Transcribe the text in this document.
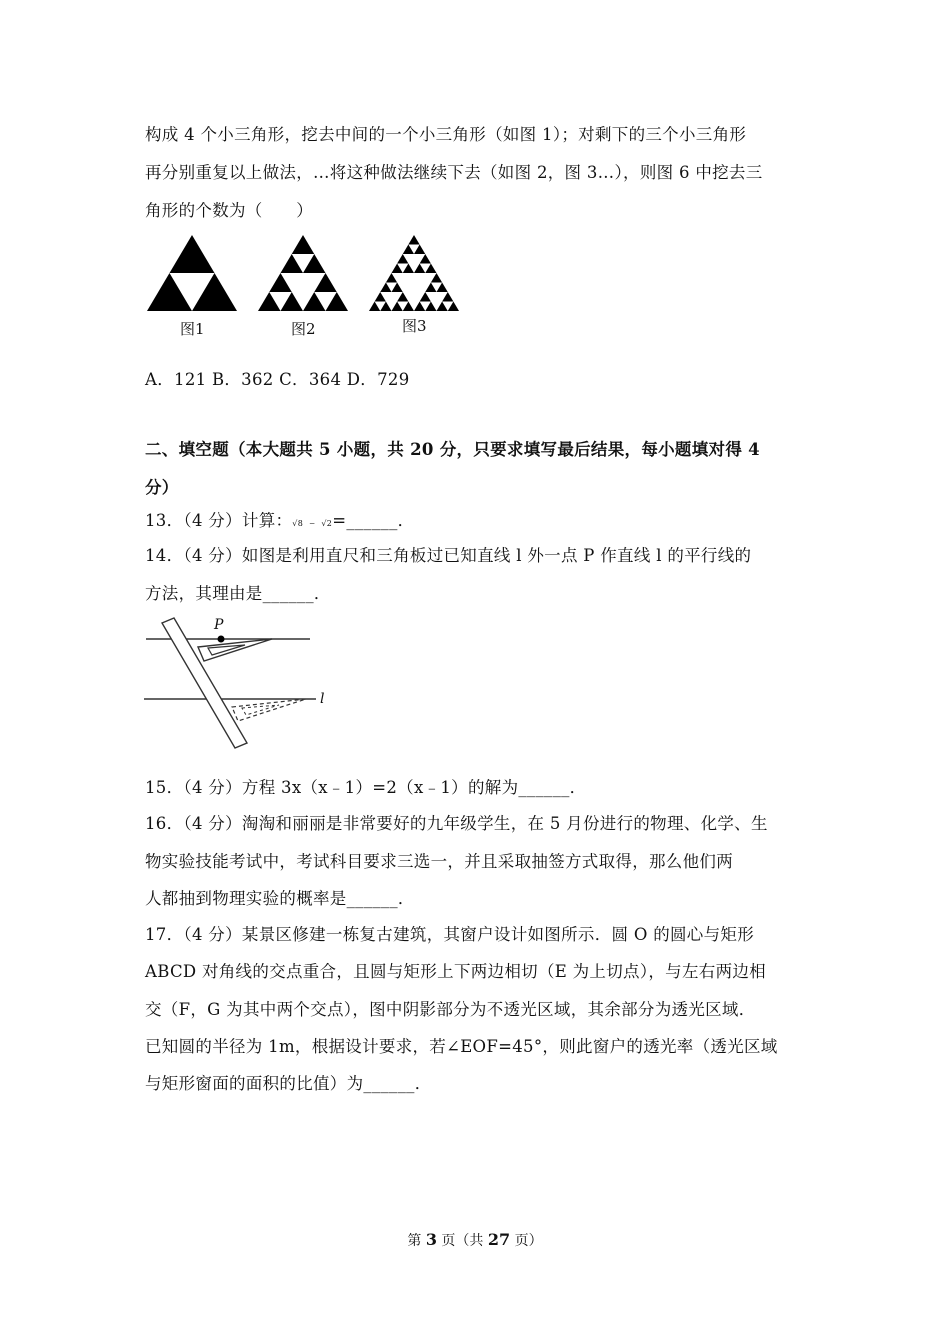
构成 4 个小三角形，挖去中间的一个小三角形（如图 1）；对剩下的三个小三角形
再分别重复以上做法，…将这种做法继续下去（如图 2，图 3…），则图 6 中挖去三
角形的个数为（　　）
图1	图2	图3
A．121 B．362 C．364 D．729
二、填空题（本大题共 5 小题，共 20 分，只要求填写最后结果，每小题填对得 4
分）
13．（4 分）计算：√8 ﹣ √2=______．
14．（4 分）如图是利用直尺和三角板过已知直线 l 外一点 P 作直线 l 的平行线的
方法，其理由是______．
P
l
15．（4 分）方程 3x（x﹣1）=2（x﹣1）的解为______．
16．（4 分）淘淘和丽丽是非常要好的九年级学生，在 5 月份进行的物理、化学、生
物实验技能考试中，考试科目要求三选一，并且采取抽签方式取得，那么他们两
人都抽到物理实验的概率是______．
17．（4 分）某景区修建一栋复古建筑，其窗户设计如图所示．圆 O 的圆心与矩形
ABCD 对角线的交点重合，且圆与矩形上下两边相切（E 为上切点），与左右两边相
交（F，G 为其中两个交点），图中阴影部分为不透光区域，其余部分为透光区域．
已知圆的半径为 1m，根据设计要求，若∠EOF=45°，则此窗户的透光率（透光区域
与矩形窗面的面积的比值）为______．
第 3 页（共 27 页）
